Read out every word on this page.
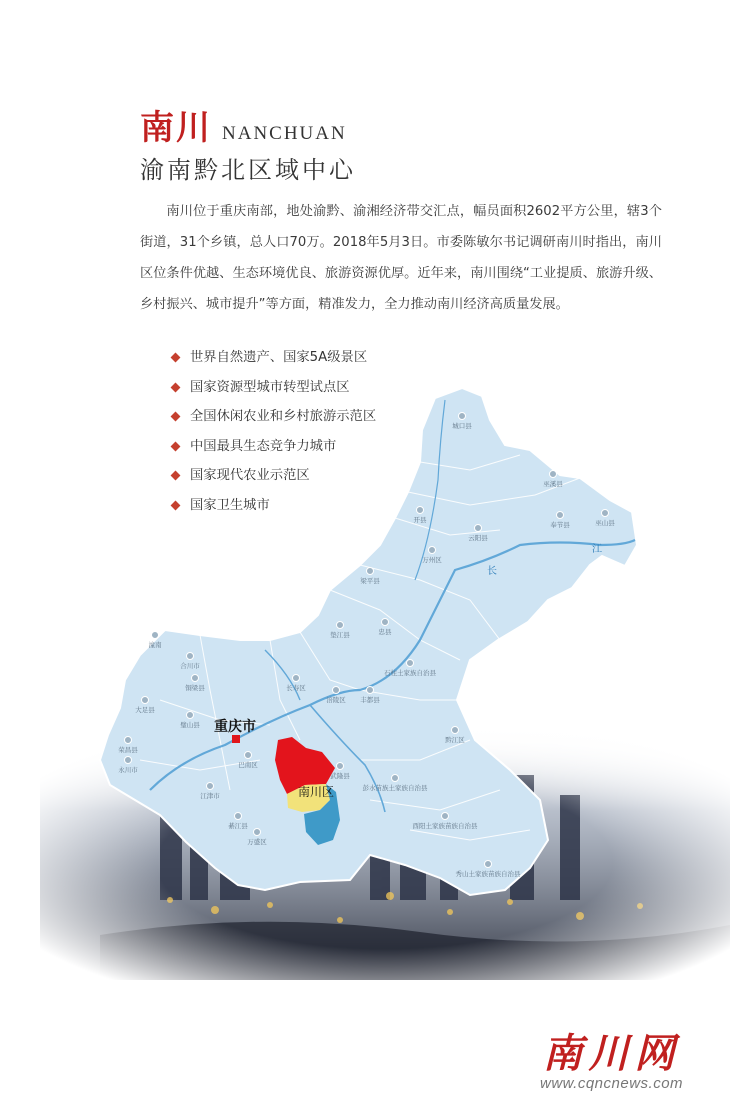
南川 NANCHUAN
渝南黔北区域中心

南川位于重庆南部，地处渝黔、渝湘经济带交汇点，幅员面积2602平方公里，辖3个街道，31个乡镇，总人口70万。2018年5月3日。市委陈敏尔书记调研南川时指出，南川区位条件优越、生态环境优良、旅游资源优厚。近年来，南川围绕“工业提质、旅游升级、乡村振兴、城市提升”等方面，精准发力，全力推动南川经济高质量发展。

重庆市
南川区
长
江
城口县
巫溪县
奉节县	巫山县
开县
云阳县
万州区
梁平县
忠县
垫江县
石柱土家族自治县
丰都县
潼南
合川市
铜梁县
大足县
璧山县
荣昌县
永川市
长寿区
涪陵区
武隆县
彭水苗族土家族自治县
黔江区
酉阳土家族苗族自治县
秀山土家族苗族自治县
江津市
巴南区
綦江县
万盛区
世界自然遗产、国家5A级景区
国家资源型城市转型试点区
全国休闲农业和乡村旅游示范区
中国最具生态竞争力城市
国家现代农业示范区
国家卫生城市
南川网
www.cqncnews.com
